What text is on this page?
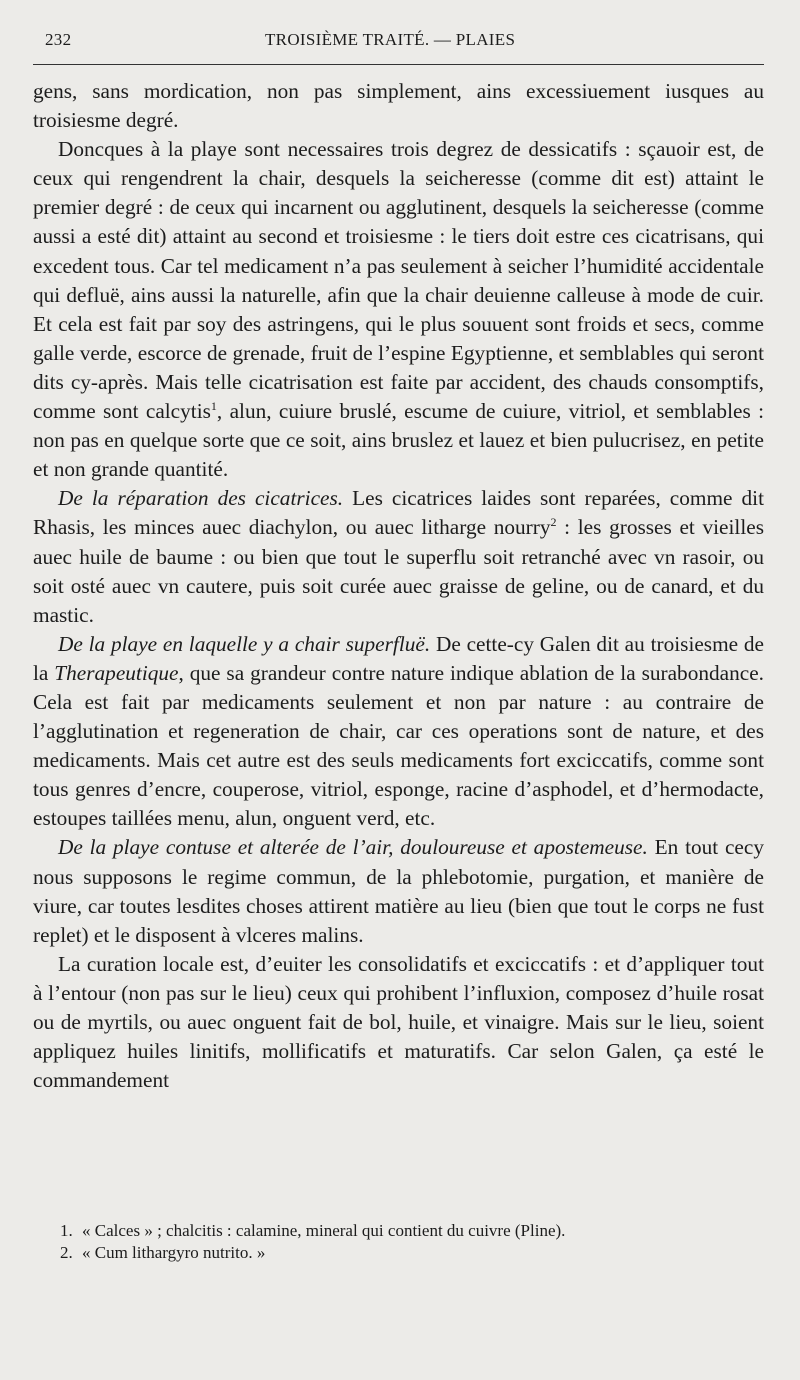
232	TROISIÈME TRAITÉ. — PLAIES

gens, sans mordication, non pas simplement, ains excessiuement iusques au troisiesme degré.

Doncques à la playe sont necessaires trois degrez de dessicatifs : sçauoir est, de ceux qui rengendrent la chair, desquels la seicheresse (comme dit est) attaint le premier degré : de ceux qui incarnent ou agglutinent, desquels la seicheresse (comme aussi a esté dit) attaint au second et troisiesme : le tiers doit estre ces cicatrisans, qui excedent tous. Car tel medicament n’a pas seulement à seicher l’humidité accidentale qui defluë, ains aussi la naturelle, afin que la chair deuienne calleuse à mode de cuir. Et cela est fait par soy des astringens, qui le plus souuent sont froids et secs, comme galle verde, escorce de grenade, fruit de l’espine Egyptienne, et semblables qui seront dits cy-après. Mais telle cicatrisation est faite par accident, des chauds consomptifs, comme sont calcytis$^1$, alun, cuiure bruslé, escume de cuiure, vitriol, et semblables : non pas en quelque sorte que ce soit, ains bruslez et lauez et bien pulucrisez, en petite et non grande quantité.

De la réparation des cicatrices. Les cicatrices laides sont reparées, comme dit Rhasis, les minces auec diachylon, ou auec litharge nourry$^2$ : les grosses et vieilles auec huile de baume : ou bien que tout le superflu soit retranché avec vn rasoir, ou soit osté auec vn cautere, puis soit curée auec graisse de geline, ou de canard, et du mastic.

De la playe en laquelle y a chair superfluë. De cette-cy Galen dit au troisiesme de la Therapeutique, que sa grandeur contre nature indique ablation de la surabondance. Cela est fait par medicaments seulement et non par nature : au contraire de l’agglutination et regeneration de chair, car ces operations sont de nature, et des medicaments. Mais cet autre est des seuls medicaments fort exciccatifs, comme sont tous genres d’encre, couperose, vitriol, esponge, racine d’asphodel, et d’hermodacte, estoupes taillées menu, alun, onguent verd, etc.

De la playe contuse et alterée de l’air, douloureuse et apostemeuse. En tout cecy nous supposons le regime commun, de la phlebotomie, purgation, et manière de viure, car toutes lesdites choses attirent matière au lieu (bien que tout le corps ne fust replet) et le disposent à vlceres malins.

La curation locale est, d’euiter les consolidatifs et exciccatifs : et d’appliquer tout à l’entour (non pas sur le lieu) ceux qui prohibent l’influxion, composez d’huile rosat ou de myrtils, ou auec onguent fait de bol, huile, et vinaigre. Mais sur le lieu, soient appliquez huiles linitifs, mollificatifs et maturatifs. Car selon Galen, ça esté le commandement

1. « Calces » ; chalcitis : calamine, mineral qui contient du cuivre (Pline).

2. « Cum lithargyro nutrito. »
